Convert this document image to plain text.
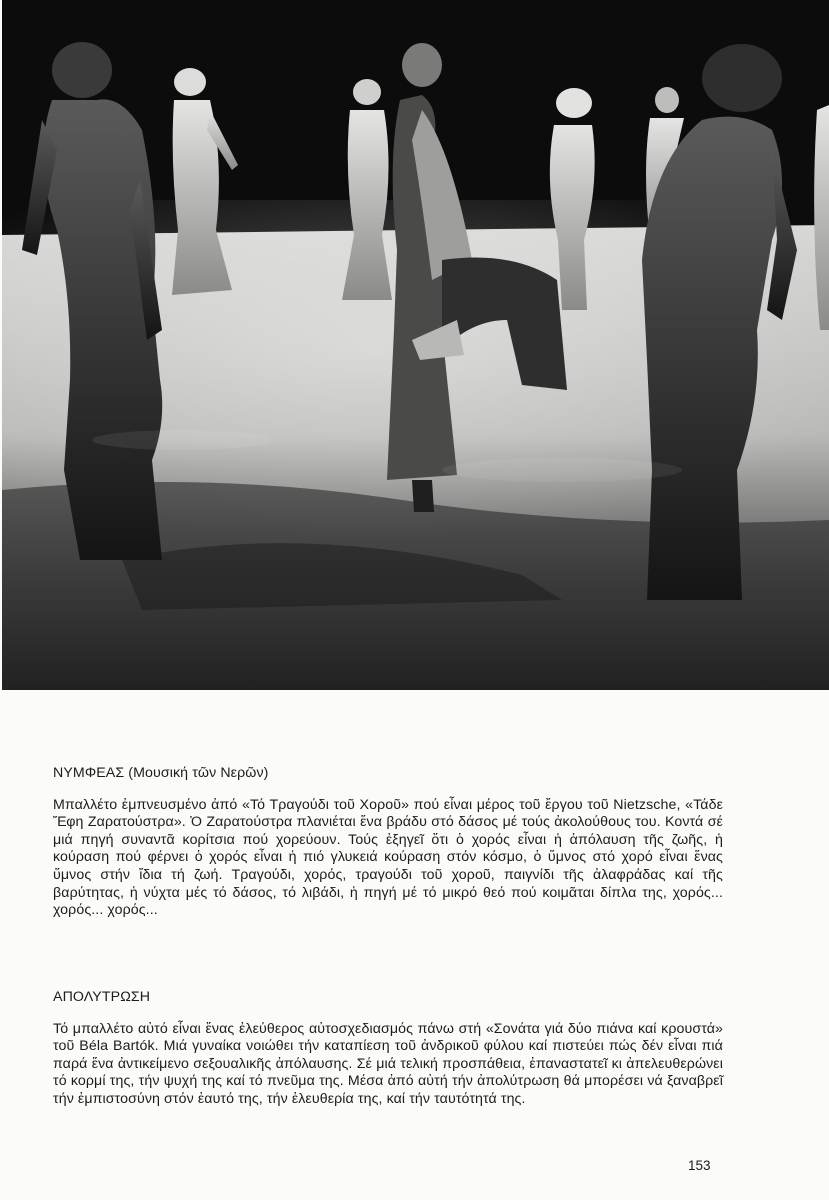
ΝΥΜΦΕΑΣ (Μουσική τῶν Νερῶν)

Μπαλλέτο ἐμπνευσμένο ἀπό «Τό Τραγούδι τοῦ Χοροῦ» πού εἶναι μέρος τοῦ ἔργου τοῦ Nietzsche, «Τάδε Ἔφη Ζαρατούστρα». Ὁ Ζαρατούστρα πλανιέται ἕνα βράδυ στό δάσος μέ τούς ἀκολούθους του. Κοντά σέ μιά πηγή συναντᾶ κορίτσια πού χορεύουν. Τούς ἐξηγεῖ ὅτι ὁ χορός εἶναι ἡ ἀπόλαυση τῆς ζωῆς, ἡ κούραση πού φέρνει ὁ χορός εἶναι ἡ πιό γλυκειά κούραση στόν κόσμο, ὁ ὕμνος στό χορό εἶναι ἕνας ὕμνος στήν ἴδια τή ζωή. Τραγούδι, χορός, τραγούδι τοῦ χοροῦ, παιγνίδι τῆς ἀλαφράδας καί τῆς βαρύτητας, ἡ νύχτα μές τό δάσος, τό λιβάδι, ἡ πηγή μέ τό μικρό θεό πού κοιμᾶται δίπλα της, χορός... χορός... χορός...

ΑΠΟΛΥΤΡΩΣΗ

Τό μπαλλέτο αὐτό εἶναι ἕνας ἐλεύθερος αὐτοσχεδιασμός πάνω στή «Σονάτα γιά δύο πιάνα καί κρουστά» τοῦ Béla Bartók. Μιά γυναίκα νοιώθει τήν καταπίεση τοῦ ἀνδρικοῦ φύλου καί πιστεύει πώς δέν εἶναι πιά παρά ἕνα ἀντικείμενο σεξουαλικῆς ἀπόλαυσης. Σέ μιά τελική προσπάθεια, ἐπαναστατεῖ κι ἀπελευθερώνει τό κορμί της, τήν ψυχή της καί τό πνεῦμα της. Μέσα ἀπό αὐτή τήν ἀπολύτρωση θά μπορέσει νά ξαναβρεῖ τήν ἐμπιστοσύνη στόν ἑαυτό της, τήν ἐλευθερία της, καί τήν ταυτότητά της.

153
